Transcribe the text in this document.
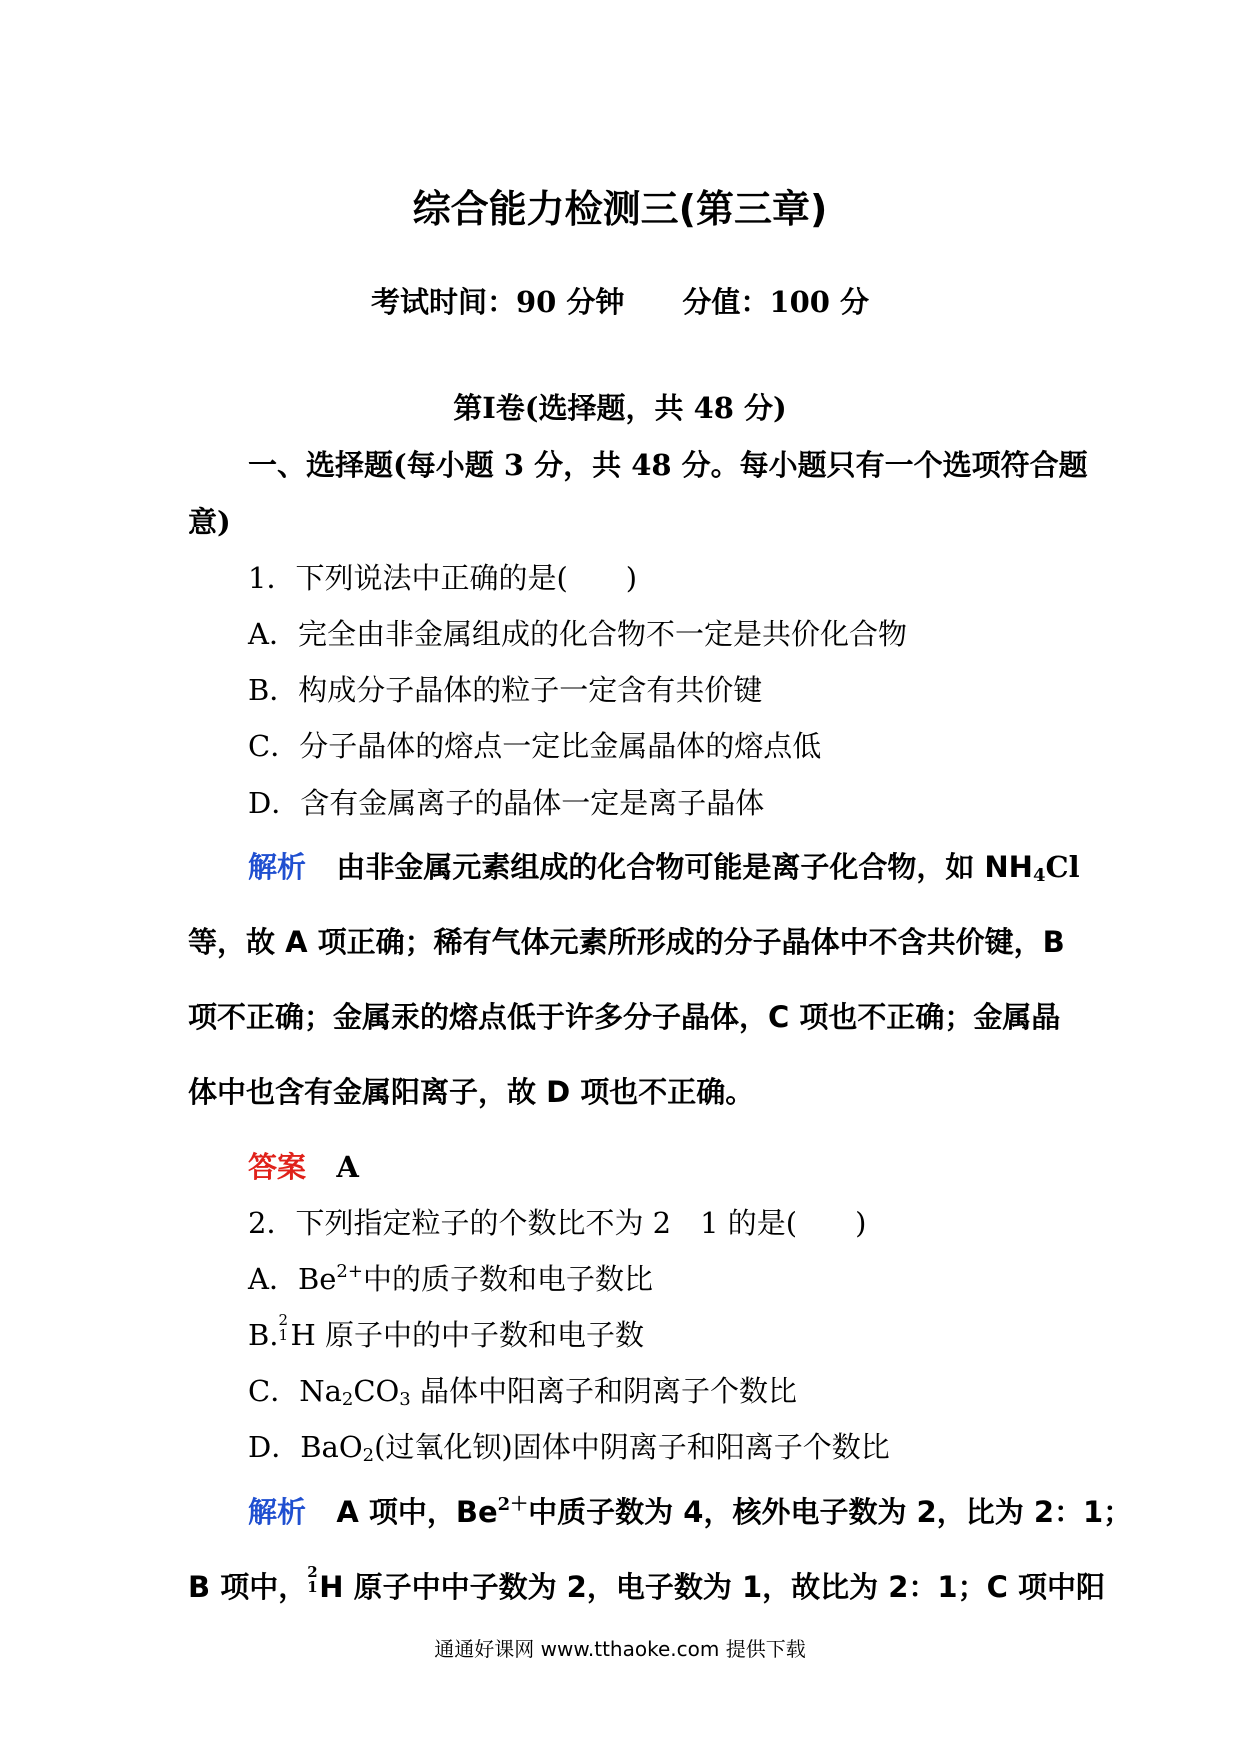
综合能力检测三(第三章)
考试时间：90 分钟 分值：100 分
第Ⅰ卷(选择题，共 48 分)
一、选择题(每小题 3 分，共 48 分。每小题只有一个选项符合题
意)
1．下列说法中正确的是(　　)
A．完全由非金属组成的化合物不一定是共价化合物
B．构成分子晶体的粒子一定含有共价键
C．分子晶体的熔点一定比金属晶体的熔点低
D．含有金属离子的晶体一定是离子晶体
解析 由非金属元素组成的化合物可能是离子化合物，如 $NH_4Cl$
等，故 A 项正确；稀有气体元素所形成的分子晶体中不含共价键，B
项不正确；金属汞的熔点低于许多分子晶体，C 项也不正确；金属晶
体中也含有金属阳离子，故 D 项也不正确。
答案 A
2．下列指定粒子的个数比不为 2　1 的是(　　)
A．$Be^{2+}$中的质子数和电子数比
B. 2
1 H 原子中的中子数和电子数
C．$Na_2CO_3$ 晶体中阳离子和阴离子个数比
D．BaO$_2$(过氧化钡)固体中阴离子和阳离子个数比
解析 A 项中，$Be^{2+}$中质子数为 4，核外电子数为 2，比为 2：1；
B 项中， 2
1 H 原子中中子数为 2，电子数为 1，故比为 2：1；C 项中阳
通通好课网 www.tthaoke.com 提供下载
